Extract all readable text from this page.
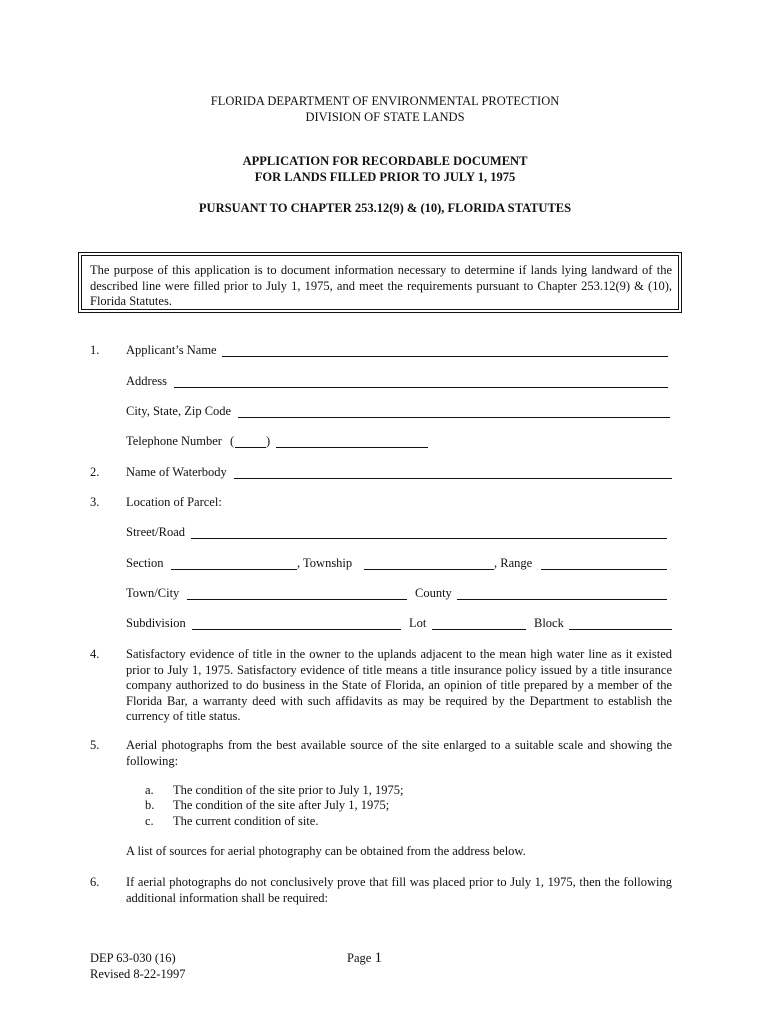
FLORIDA DEPARTMENT OF ENVIRONMENTAL PROTECTION
DIVISION OF STATE LANDS
APPLICATION FOR RECORDABLE DOCUMENT
FOR LANDS FILLED PRIOR TO JULY 1, 1975
PURSUANT TO CHAPTER 253.12(9) & (10), FLORIDA STATUTES
The purpose of this application is to document information necessary to determine if lands lying landward of the described line were filled prior to July 1, 1975, and meet the requirements pursuant to Chapter 253.12(9) & (10), Florida Statutes.
1. Applicant’s Name
Address
City, State, Zip Code
Telephone Number (	)
2. Name of Waterbody
3. Location of Parcel:
Street/Road
Section	, Township	, Range
Town/City	County
Subdivision	Lot	Block
4. Satisfactory evidence of title in the owner to the uplands adjacent to the mean high water line as it existed prior to July 1, 1975. Satisfactory evidence of title means a title insurance policy issued by a title insurance company authorized to do business in the State of Florida, an opinion of title prepared by a member of the Florida Bar, a warranty deed with such affidavits as may be required by the Department to establish the currency of title status.
5. Aerial photographs from the best available source of the site enlarged to a suitable scale and showing the following:
a. The condition of the site prior to July 1, 1975;
b. The condition of the site after July 1, 1975;
c. The current condition of site.
A list of sources for aerial photography can be obtained from the address below.
6. If aerial photographs do not conclusively prove that fill was placed prior to July 1, 1975, then the following additional information shall be required:
DEP 63-030 (16)
Revised 8-22-1997
Page 1
